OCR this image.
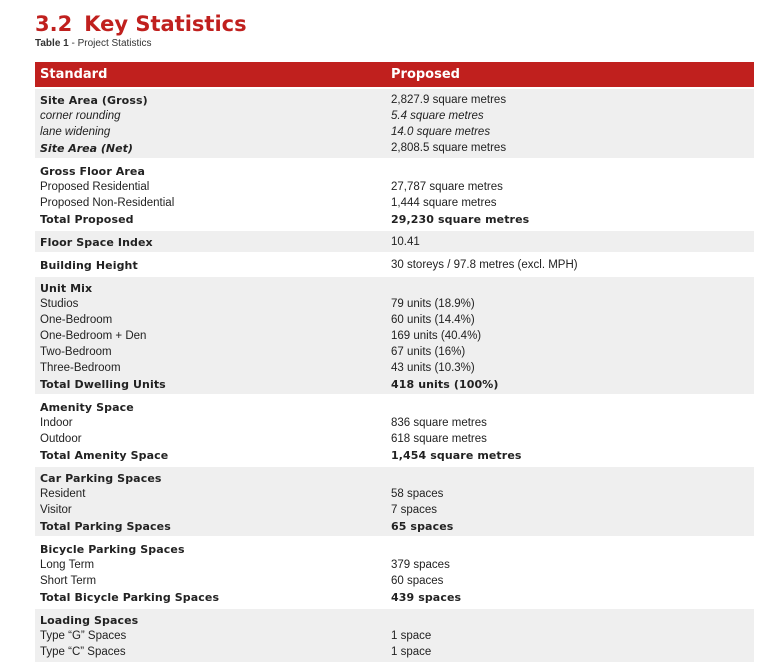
3.2 Key Statistics
Table 1 - Project Statistics
Standard	Proposed
Site Area (Gross)	2,827.9 square metres
corner rounding	5.4 square metres
lane widening	14.0 square metres
Site Area (Net)	2,808.5 square metres
Gross Floor Area
Proposed Residential	27,787 square metres
Proposed Non-Residential	1,444 square metres
Total Proposed	29,230 square metres
Floor Space Index	10.41
Building Height	30 storeys / 97.8 metres (excl. MPH)
Unit Mix
Studios	79 units (18.9%)
One-Bedroom	60 units (14.4%)
One-Bedroom + Den	169 units (40.4%)
Two-Bedroom	67 units (16%)
Three-Bedroom	43 units (10.3%)
Total Dwelling Units	418 units (100%)
Amenity Space
Indoor	836 square metres
Outdoor	618 square metres
Total Amenity Space	1,454 square metres
Car Parking Spaces
Resident	58 spaces
Visitor	7 spaces
Total Parking Spaces	65 spaces
Bicycle Parking Spaces
Long Term	379 spaces
Short Term	60 spaces
Total Bicycle Parking Spaces	439 spaces
Loading Spaces
Type “G” Spaces	1 space
Type “C” Spaces	1 space
